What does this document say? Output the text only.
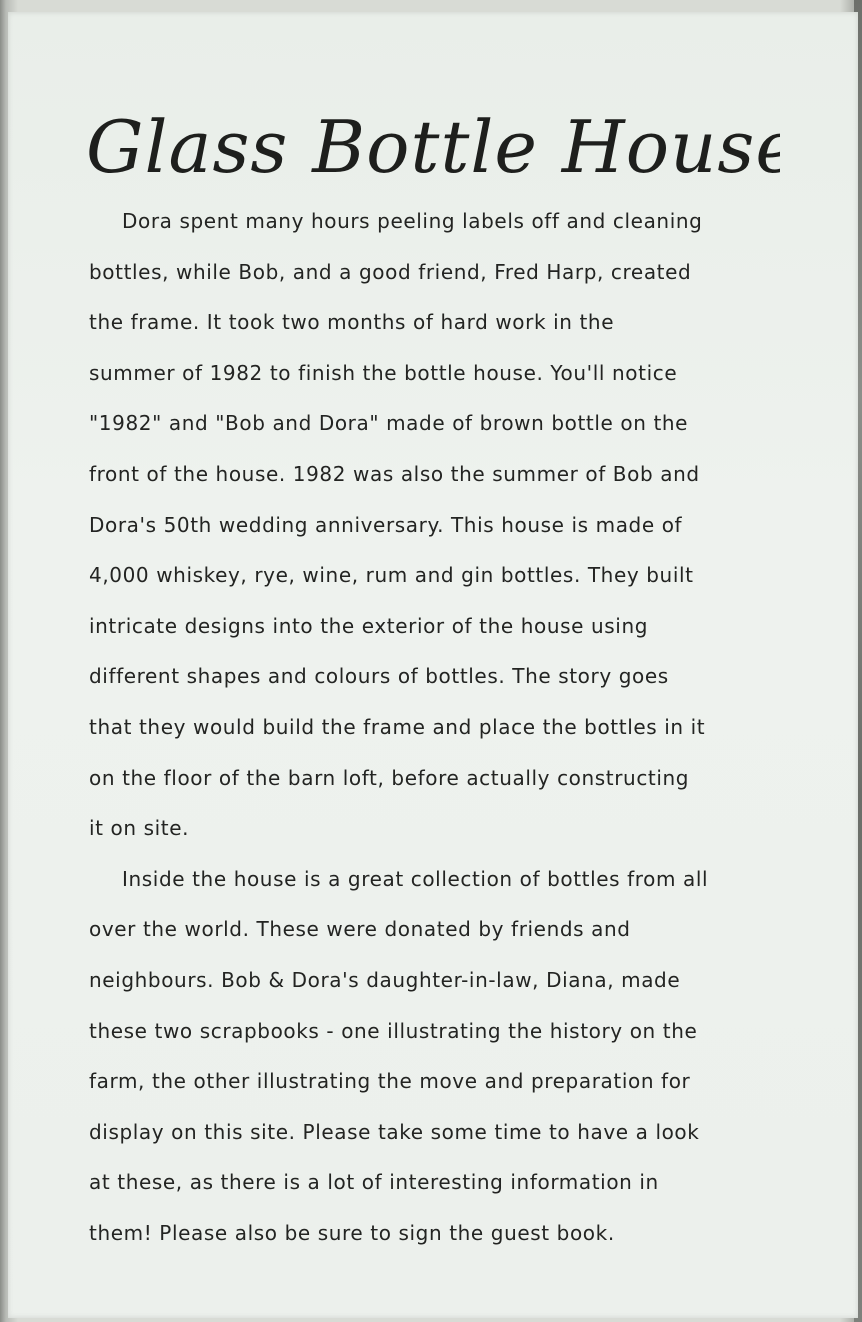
Glass Bottle House
Dora spent many hours peeling labels off and cleaning
bottles, while Bob, and a good friend, Fred Harp, created
the frame. It took two months of hard work in the
summer of 1982 to finish the bottle house. You'll notice
"1982" and "Bob and Dora" made of brown bottle on the
front of the house. 1982 was also the summer of Bob and
Dora's 50th wedding anniversary. This house is made of
4,000 whiskey, rye, wine, rum and gin bottles. They built
intricate designs into the exterior of the house using
different shapes and colours of bottles. The story goes
that they would build the frame and place the bottles in it
on the floor of the barn loft, before actually constructing
it on site.
Inside the house is a great collection of bottles from all
over the world. These were donated by friends and
neighbours. Bob & Dora's daughter-in-law, Diana, made
these two scrapbooks - one illustrating the history on the
farm, the other illustrating the move and preparation for
display on this site. Please take some time to have a look
at these, as there is a lot of interesting information in
them! Please also be sure to sign the guest book.
